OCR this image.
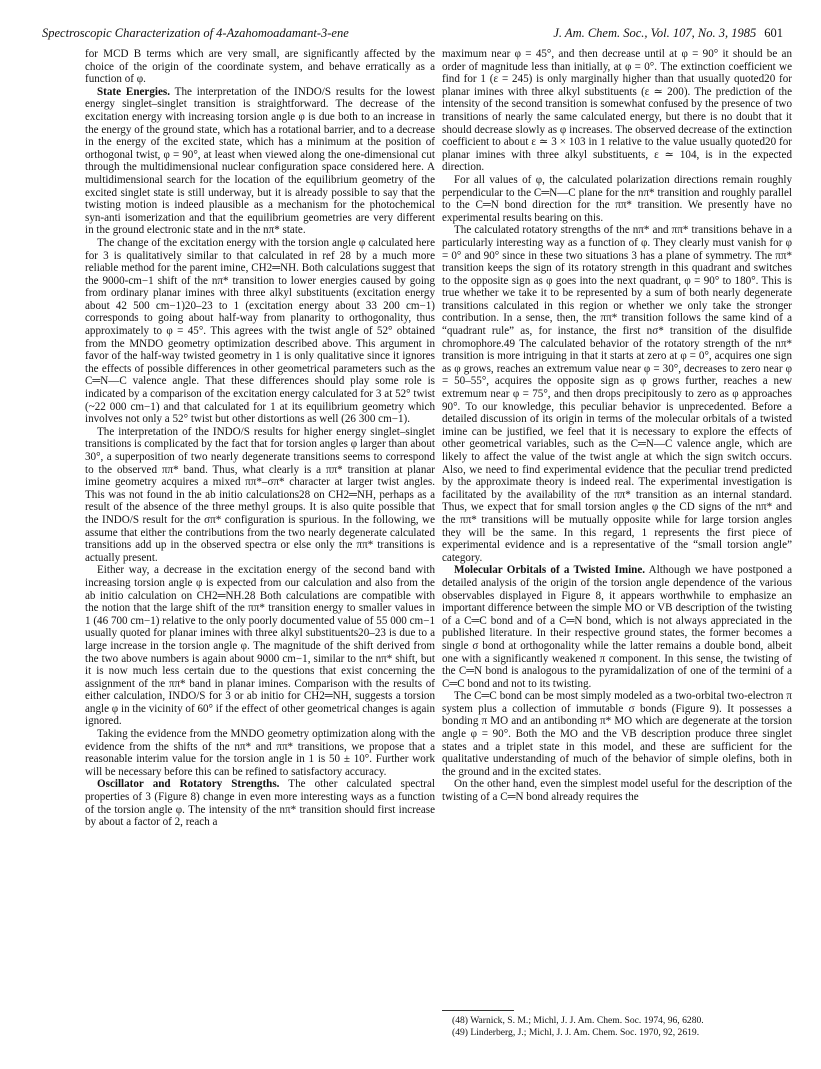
Spectroscopic Characterization of 4-Azahomoadamant-3-ene	J. Am. Chem. Soc., Vol. 107, No. 3, 1985 601

for MCD B terms which are very small, are significantly affected by the choice of the origin of the coordinate system, and behave erratically as a function of φ.

State Energies. The interpretation of the INDO/S results for the lowest energy singlet–singlet transition is straightforward. The decrease of the excitation energy with increasing torsion angle φ is due both to an increase in the energy of the ground state, which has a rotational barrier, and to a decrease in the energy of the excited state, which has a minimum at the position of orthogonal twist, φ = 90°, at least when viewed along the one-dimensional cut through the multidimensional nuclear configuration space considered here. A multidimensional search for the location of the equilibrium geometry of the excited singlet state is still underway, but it is already possible to say that the twisting motion is indeed plausible as a mechanism for the photochemical syn-anti isomerization and that the equilibrium geometries are very different in the ground electronic state and in the nπ* state.

The change of the excitation energy with the torsion angle φ calculated here for 3 is qualitatively similar to that calculated in ref 28 by a much more reliable method for the parent imine, CH2═NH. Both calculations suggest that the 9000-cm−1 shift of the nπ* transition to lower energies caused by going from ordinary planar imines with three alkyl substituents (excitation energy about 42 500 cm−1)20–23 to 1 (excitation energy about 33 200 cm−1) corresponds to going about half-way from planarity to orthogonality, thus approximately to φ = 45°. This agrees with the twist angle of 52° obtained from the MNDO geometry optimization described above. This argument in favor of the half-way twisted geometry in 1 is only qualitative since it ignores the effects of possible differences in other geometrical parameters such as the C═N—C valence angle. That these differences should play some role is indicated by a comparison of the excitation energy calculated for 3 at 52° twist (~22 000 cm−1) and that calculated for 1 at its equilibrium geometry which involves not only a 52° twist but other distortions as well (26 300 cm−1).

The interpretation of the INDO/S results for higher energy singlet–singlet transitions is complicated by the fact that for torsion angles φ larger than about 30°, a superposition of two nearly degenerate transitions seems to correspond to the observed ππ* band. Thus, what clearly is a ππ* transition at planar imine geometry acquires a mixed ππ*–σπ* character at larger twist angles. This was not found in the ab initio calculations28 on CH2═NH, perhaps as a result of the absence of the three methyl groups. It is also quite possible that the INDO/S result for the σπ* configuration is spurious. In the following, we assume that either the contributions from the two nearly degenerate calculated transitions add up in the observed spectra or else only the ππ* transitions is actually present.

Either way, a decrease in the excitation energy of the second band with increasing torsion angle φ is expected from our calculation and also from the ab initio calculation on CH2═NH.28 Both calculations are compatible with the notion that the large shift of the ππ* transition energy to smaller values in 1 (46 700 cm−1) relative to the only poorly documented value of 55 000 cm−1 usually quoted for planar imines with three alkyl substituents20–23 is due to a large increase in the torsion angle φ. The magnitude of the shift derived from the two above numbers is again about 9000 cm−1, similar to the nπ* shift, but it is now much less certain due to the questions that exist concerning the assignment of the ππ* band in planar imines. Comparison with the results of either calculation, INDO/S for 3 or ab initio for CH2═NH, suggests a torsion angle φ in the vicinity of 60° if the effect of other geometrical changes is again ignored.

Taking the evidence from the MNDO geometry optimization along with the evidence from the shifts of the nπ* and ππ* transitions, we propose that a reasonable interim value for the torsion angle in 1 is 50 ± 10°. Further work will be necessary before this can be refined to satisfactory accuracy.

Oscillator and Rotatory Strengths. The other calculated spectral properties of 3 (Figure 8) change in even more interesting ways as a function of the torsion angle φ. The intensity of the nπ* transition should first increase by about a factor of 2, reach a

maximum near φ = 45°, and then decrease until at φ = 90° it should be an order of magnitude less than initially, at φ = 0°. The extinction coefficient we find for 1 (ε = 245) is only marginally higher than that usually quoted20 for planar imines with three alkyl substituents (ε ≃ 200). The prediction of the intensity of the second transition is somewhat confused by the presence of two transitions of nearly the same calculated energy, but there is no doubt that it should decrease slowly as φ increases. The observed decrease of the extinction coefficient to about ε ≃ 3 × 103 in 1 relative to the value usually quoted20 for planar imines with three alkyl substituents, ε ≃ 104, is in the expected direction.

For all values of φ, the calculated polarization directions remain roughly perpendicular to the C═N—C plane for the nπ* transition and roughly parallel to the C═N bond direction for the ππ* transition. We presently have no experimental results bearing on this.

The calculated rotatory strengths of the nπ* and ππ* transitions behave in a particularly interesting way as a function of φ. They clearly must vanish for φ = 0° and 90° since in these two situations 3 has a plane of symmetry. The ππ* transition keeps the sign of its rotatory strength in this quadrant and switches to the opposite sign as φ goes into the next quadrant, φ = 90° to 180°. This is true whether we take it to be represented by a sum of both nearly degenerate transitions calculated in this region or whether we only take the stronger contribution. In a sense, then, the ππ* transition follows the same kind of a “quadrant rule” as, for instance, the first nσ* transition of the disulfide chromophore.49 The calculated behavior of the rotatory strength of the nπ* transition is more intriguing in that it starts at zero at φ = 0°, acquires one sign as φ grows, reaches an extremum value near φ = 30°, decreases to zero near φ = 50–55°, acquires the opposite sign as φ grows further, reaches a new extremum near φ = 75°, and then drops precipitously to zero as φ approaches 90°. To our knowledge, this peculiar behavior is unprecedented. Before a detailed discussion of its origin in terms of the molecular orbitals of a twisted imine can be justified, we feel that it is necessary to explore the effects of other geometrical variables, such as the C═N—C valence angle, which are likely to affect the value of the twist angle at which the sign switch occurs. Also, we need to find experimental evidence that the peculiar trend predicted by the approximate theory is indeed real. The experimental investigation is facilitated by the availability of the ππ* transition as an internal standard. Thus, we expect that for small torsion angles φ the CD signs of the nπ* and the ππ* transitions will be mutually opposite while for large torsion angles they will be the same. In this regard, 1 represents the first piece of experimental evidence and is a representative of the “small torsion angle” category.

Molecular Orbitals of a Twisted Imine. Although we have postponed a detailed analysis of the origin of the torsion angle dependence of the various observables displayed in Figure 8, it appears worthwhile to emphasize an important difference between the simple MO or VB description of the twisting of a C═C bond and of a C═N bond, which is not always appreciated in the published literature. In their respective ground states, the former becomes a single σ bond at orthogonality while the latter remains a double bond, albeit one with a significantly weakened π component. In this sense, the twisting of the C═N bond is analogous to the pyramidalization of one of the termini of a C═C bond and not to its twisting.

The C═C bond can be most simply modeled as a two-orbital two-electron π system plus a collection of immutable σ bonds (Figure 9). It possesses a bonding π MO and an antibonding π* MO which are degenerate at the torsion angle φ = 90°. Both the MO and the VB description produce three singlet states and a triplet state in this model, and these are sufficient for the qualitative understanding of much of the behavior of simple olefins, both in the ground and in the excited states.

On the other hand, even the simplest model useful for the description of the twisting of a C═N bond already requires the

(48) Warnick, S. M.; Michl, J. J. Am. Chem. Soc. 1974, 96, 6280.
(49) Linderberg, J.; Michl, J. J. Am. Chem. Soc. 1970, 92, 2619.
